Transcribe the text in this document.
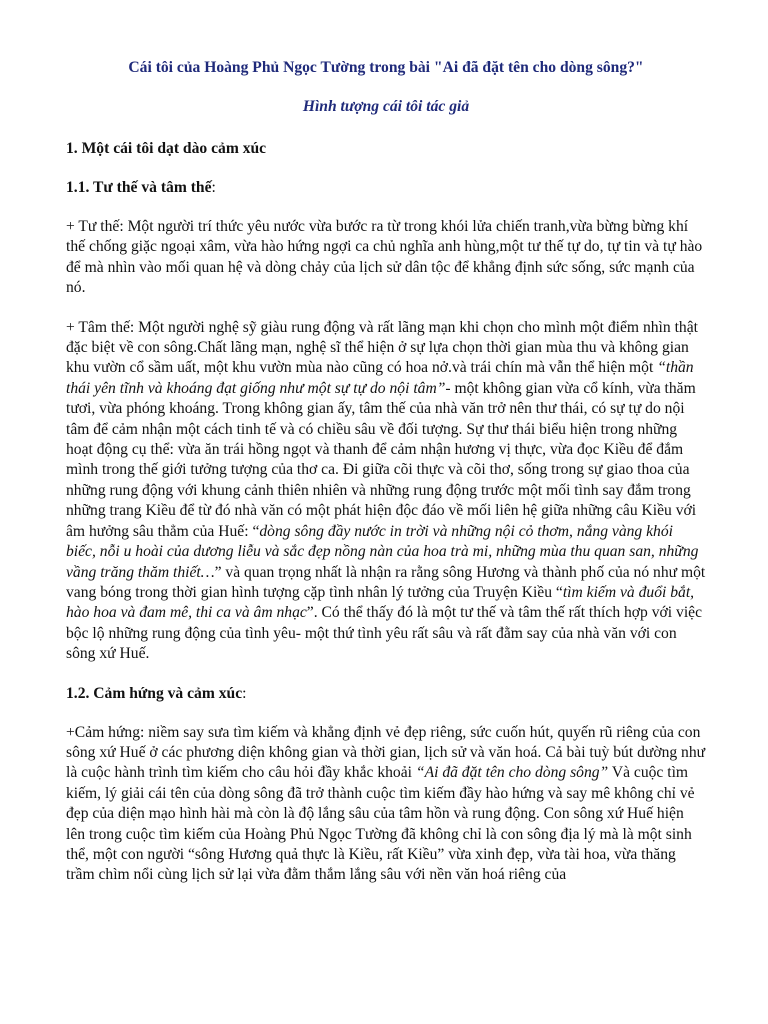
Cái tôi của Hoàng Phủ Ngọc Tường trong bài "Ai đã đặt tên cho dòng sông?"

Hình tượng cái tôi tác giả

1. Một cái tôi dạt dào cảm xúc

1.1. Tư thế và tâm thế:

+ Tư thế: Một người trí thức yêu nước vừa bước ra từ trong khói lửa chiến tranh,vừa bừng bừng khí thế chống giặc ngoại xâm, vừa hào hứng ngợi ca chủ nghĩa anh hùng,một tư thế tự do, tự tin và tự hào để mà nhìn vào mối quan hệ và dòng chảy của lịch sử dân tộc để khẳng định sức sống, sức mạnh của nó.

+ Tâm thế: Một người nghệ sỹ giàu rung động và rất lãng mạn khi chọn cho mình một điểm nhìn thật đặc biệt về con sông.Chất lãng mạn, nghệ sĩ thể hiện ở sự lựa chọn thời gian mùa thu và không gian khu vườn cổ sầm uất, một khu vườn mùa nào cũng có hoa nở.và trái chín mà vẫn thể hiện một “thần thái yên tĩnh và khoáng đạt giống như một sự tự do nội tâm”- một không gian vừa cổ kính, vừa thăm tươi, vừa phóng khoáng. Trong không gian ấy, tâm thế của nhà văn trở nên thư thái, có sự tự do nội tâm để cảm nhận một cách tinh tế và có chiều sâu về đối tượng. Sự thư thái biểu hiện trong những hoạt động cụ thể: vừa ăn trái hồng ngọt và thanh để cảm nhận hương vị thực, vừa đọc Kiều để đắm mình trong thế giới tưởng tượng của thơ ca. Đi giữa cõi thực và cõi thơ, sống trong sự giao thoa của những rung động với khung cảnh thiên nhiên và những rung động trước một mối tình say đắm trong những trang Kiều để từ đó nhà văn có một phát hiện độc đáo về mối liên hệ giữa những câu Kiều với âm hưởng sâu thẳm của Huế: “dòng sông đầy nước in trời và những nội cỏ thơm, nắng vàng khói biếc, nỗi u hoài của dương liễu và sắc đẹp nồng nàn của hoa trà mi, những mùa thu quan san, những vầng trăng thăm thiết…” và quan trọng nhất là nhận ra rằng sông Hương và thành phố của nó như một vang bóng trong thời gian hình tượng cặp tình nhân lý tưởng của Truyện Kiều “tìm kiếm và đuổi bắt, hào hoa và đam mê, thi ca và âm nhạc”. Có thể thấy đó là một tư thế và tâm thế rất thích hợp với việc bộc lộ những rung động của tình yêu- một thứ tình yêu rất sâu và rất đằm say của nhà văn với con sông xứ Huế.

1.2. Cảm hứng và cảm xúc:

+Cảm hứng: niềm say sưa tìm kiếm và khẳng định vẻ đẹp riêng, sức cuốn hút, quyến rũ riêng của con sông xứ Huế ở các phương diện không gian và thời gian, lịch sử và văn hoá. Cả bài tuỳ bút dường như là cuộc hành trình tìm kiếm cho câu hỏi đầy khắc khoải “Ai đã đặt tên cho dòng sông” Và cuộc tìm kiếm, lý giải cái tên của dòng sông đã trở thành cuộc tìm kiếm đầy hào hứng và say mê không chỉ vẻ đẹp của diện mạo hình hài mà còn là độ lắng sâu của tâm hồn và rung động. Con sông xứ Huế hiện lên trong cuộc tìm kiếm của Hoàng Phủ Ngọc Tường đã không chỉ là con sông địa lý mà là một sinh thể, một con người “sông Hương quả thực là Kiều, rất Kiều” vừa xinh đẹp, vừa tài hoa, vừa thăng trầm chìm nổi cùng lịch sử lại vừa đằm thắm lắng sâu với nền văn hoá riêng của
